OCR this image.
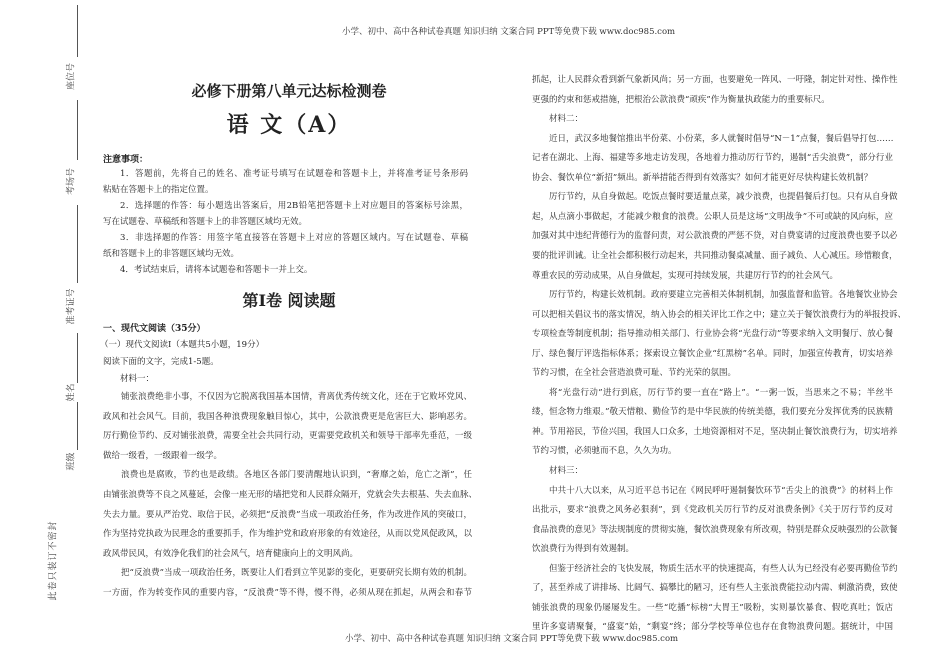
小学、初中、高中各种试卷真题 知识归纳 文案合同 PPT等免费下载 www.doc985.com
小学、初中、高中各种试卷真题 知识归纳 文案合同 PPT等免费下载 www.doc985.com
座位号
考场号
准考证号
姓名
班级
此卷只装订不密封
必修下册第八单元达标检测卷
语 文（A）
注意事项：
1．答题前，先将自己的姓名、准考证号填写在试题卷和答题卡上，并将准考证号条形码
粘贴在答题卡上的指定位置。
2．选择题的作答：每小题选出答案后，用2B铅笔把答题卡上对应题目的答案标号涂黑，
写在试题卷、草稿纸和答题卡上的非答题区域均无效。
3．非选择题的作答：用签字笔直接答在答题卡上对应的答题区域内。写在试题卷、草稿
纸和答题卡上的非答题区域均无效。
4．考试结束后，请将本试题卷和答题卡一并上交。
第Ⅰ卷 阅读题
一、现代文阅读（35分）
（一）现代文阅读Ⅰ（本题共5小题，19分）
阅读下面的文字，完成1-5题。
材料一：
铺张浪费绝非小事，不仅因为它脱离我国基本国情，背离优秀传统文化，还在于它败坏党风、
政风和社会风气。目前，我国各种浪费现象触目惊心，其中，公款浪费更是危害巨大、影响恶劣。
厉行勤俭节约、反对铺张浪费，需要全社会共同行动，更需要党政机关和领导干部率先垂范，一级
做给一级看，一级跟着一级学。
浪费也是腐败，节约也是政绩。各地区各部门要清醒地认识到，“奢靡之始，危亡之渐”，任
由铺张浪费等不良之风蔓延，会像一座无形的墙把党和人民群众隔开，党就会失去根基、失去血脉、
失去力量。要从严治党、取信于民，必须把“反浪费”当成一项政治任务，作为改进作风的突破口，
作为坚持党执政为民理念的重要抓手，作为维护党和政府形象的有效途径，从而以党风促政风，以
政风带民风，有效净化我们的社会风气，培育健康向上的文明风尚。
把“反浪费”当成一项政治任务，既要让人们看到立竿见影的变化，更要研究长期有效的机制。
一方面，作为转变作风的重要内容，“反浪费”等不得，慢不得，必须从现在抓起，从两会和春节
抓起，让人民群众看到新气象新风尚；另一方面，也要避免一阵风、一吁隆，制定针对性、操作性
更强的约束和惩戒措施，把根治公款浪费“顽疾”作为衡量执政能力的重要标尺。
材料二：
近日，武汉多地餐馆推出半份菜、小份菜，多人就餐时倡导“N－1”点餐，餐后倡导打包……
记者在湖北、上海、福建等多地走访发现，各地着力推动厉行节约，遏制“舌尖浪费”，部分行业
协会、餐饮单位“新招”频出。新举措能否得到有效落实？如何才能更好尽快构建长效机制？
厉行节约，从自身做起。吃饭点餐时要适量点菜，减少浪费，也提倡餐后打包。只有从自身做
起，从点滴小事做起，才能减少粮食的浪费。公职人员是这场“文明战争”不可或缺的风向标，应
加强对其中违纪背德行为的监督问责，对公款浪费的严惩不贷，对自费宴请的过度浪费也要予以必
要的批评训诫。让全社会都积极行动起来，共同推动餐桌减量、面子减负、人心减压。珍惜粮食，
尊重农民的劳动成果，从自身做起，实现可持续发展，共建厉行节约的社会风气。
厉行节约，构建长效机制。政府要建立完善相关体制机制，加强监督和监管。各地餐饮业协会
可以把相关倡议书的落实情况，纳入协会的相关评比工作之中；建立关于餐饮浪费行为的举报投诉、
专项检查等制度机制；指导推动相关部门、行业协会将“光盘行动”等要求纳入文明餐厅、放心餐
厅、绿色餐厅评选指标体系；探索设立餐饮企业“红黑榜”名单。同时，加强宣传教育，切实培养
节约习惯，在全社会营造浪费可耻、节约光荣的氛围。
将“光盘行动”进行到底，厉行节约要一直在“路上”。“一粥一饭，当思来之不易；半丝半
缕，恒念物力维艰。”敬天惜粮、勤俭节约是中华民族的传统美德，我们要充分发挥优秀的民族精
神。节用裕民，节俭兴国，我国人口众多，土地资源相对不足，坚决制止餐饮浪费行为，切实培养
节约习惯，必须驰而不息，久久为功。
材料三：
中共十八大以来，从习近平总书记在《网民呼吁遏制餐饮环节“舌尖上的浪费”》的材料上作
出批示，要求“浪费之风务必狠刹”，到《党政机关厉行节约反对浪费条例》《关于厉行节约反对
食品浪费的意见》等法规制度的贯彻实施，餐饮浪费现象有所改观，特别是群众反映强烈的公款餐
饮浪费行为得到有效遏制。
但鉴于经济社会的飞快发展，物质生活水平的快速提高，有些人认为已经没有必要再勤俭节约
了，甚至养成了讲排场、比阔气、搞攀比的陋习，还有些人主张浪费能拉动内需、刺激消费，致使
铺张浪费的现象仍屡屡发生。一些“吃播”标榜“大胃王”吸粉，实则暴饮暴食、假吃真吐；饭店
里许多宴请聚餐，“盛宴”始，“剩宴”终；部分学校等单位也存在食物浪费问题。据统计，中国
